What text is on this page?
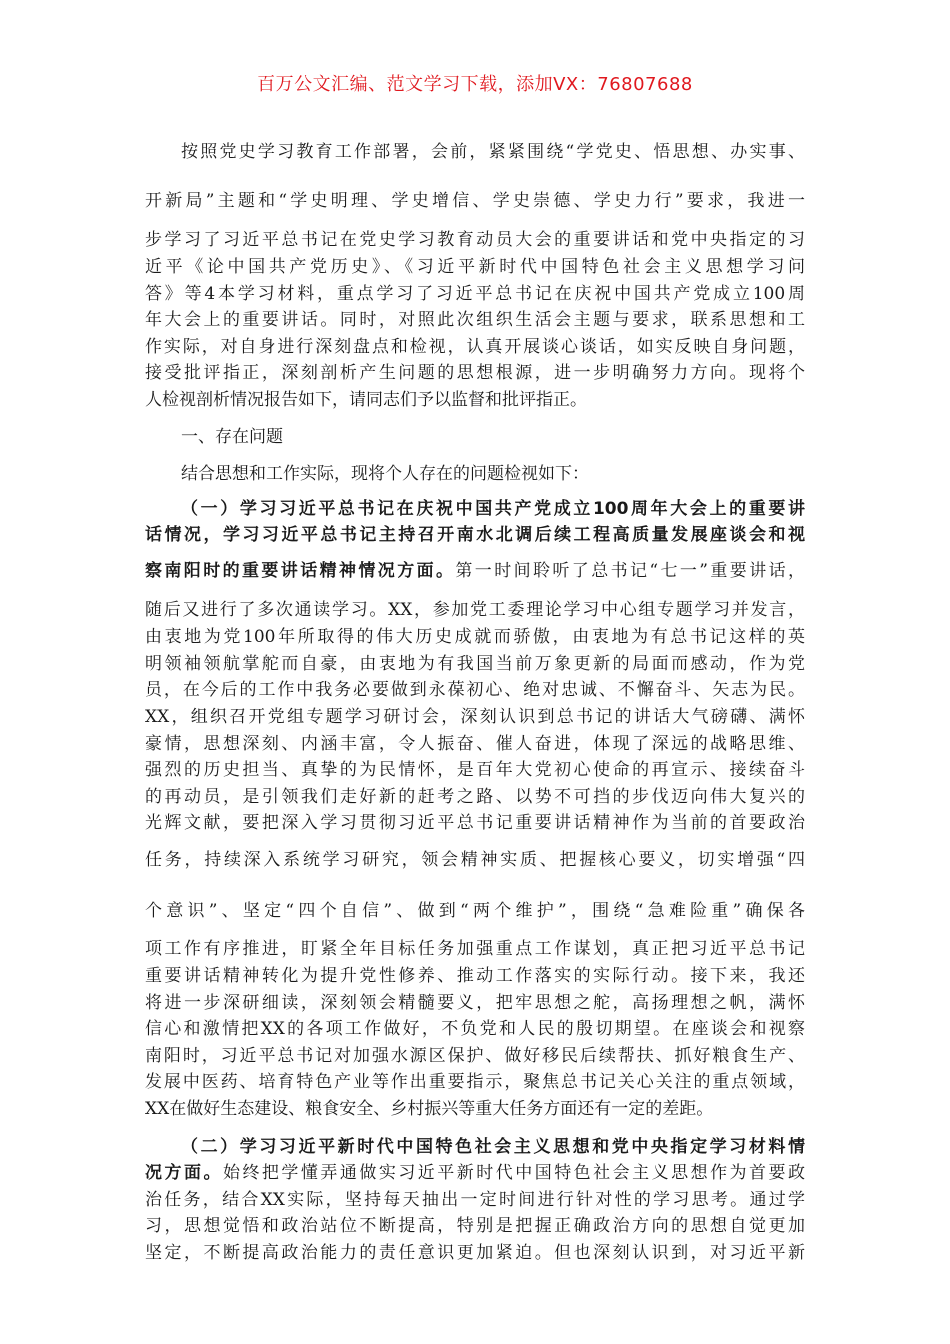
百万公文汇编、范文学习下载，添加VX：76807688
按照党史学习教育工作部署，会前，紧紧围绕“学党史、悟思想、办实事、
开新局”主题和“学史明理、学史增信、学史崇德、学史力行”要求，我进一
步学习了习近平总书记在党史学习教育动员大会的重要讲话和党中央指定的习
近平《论中国共产党历史》、《习近平新时代中国特色社会主义思想学习问
答》等4本学习材料，重点学习了习近平总书记在庆祝中国共产党成立100周
年大会上的重要讲话。同时，对照此次组织生活会主题与要求，联系思想和工
作实际，对自身进行深刻盘点和检视，认真开展谈心谈话，如实反映自身问题，
接受批评指正，深刻剖析产生问题的思想根源，进一步明确努力方向。现将个
人检视剖析情况报告如下，请同志们予以监督和批评指正。
一、存在问题
结合思想和工作实际，现将个人存在的问题检视如下：
（一）学习习近平总书记在庆祝中国共产党成立100周年大会上的重要讲
话情况，学习习近平总书记主持召开南水北调后续工程高质量发展座谈会和视
察南阳时的重要讲话精神情况方面。第一时间聆听了总书记“七一”重要讲话，
随后又进行了多次通读学习。XX，参加党工委理论学习中心组专题学习并发言，
由衷地为党100年所取得的伟大历史成就而骄傲，由衷地为有总书记这样的英
明领袖领航掌舵而自豪，由衷地为有我国当前万象更新的局面而感动，作为党
员，在今后的工作中我务必要做到永葆初心、绝对忠诚、不懈奋斗、矢志为民。
XX，组织召开党组专题学习研讨会，深刻认识到总书记的讲话大气磅礴、满怀
豪情，思想深刻、内涵丰富，令人振奋、催人奋进，体现了深远的战略思维、
强烈的历史担当、真挚的为民情怀，是百年大党初心使命的再宣示、接续奋斗
的再动员，是引领我们走好新的赶考之路、以势不可挡的步伐迈向伟大复兴的
光辉文献，要把深入学习贯彻习近平总书记重要讲话精神作为当前的首要政治
任务，持续深入系统学习研究，领会精神实质、把握核心要义，切实增强“四
个意识”、坚定“四个自信”、做到“两个维护”，围绕“急难险重”确保各
项工作有序推进，盯紧全年目标任务加强重点工作谋划，真正把习近平总书记
重要讲话精神转化为提升党性修养、推动工作落实的实际行动。接下来，我还
将进一步深研细读，深刻领会精髓要义，把牢思想之舵，高扬理想之帆，满怀
信心和激情把XX的各项工作做好，不负党和人民的殷切期望。在座谈会和视察
南阳时，习近平总书记对加强水源区保护、做好移民后续帮扶、抓好粮食生产、
发展中医药、培育特色产业等作出重要指示，聚焦总书记关心关注的重点领域，
XX在做好生态建设、粮食安全、乡村振兴等重大任务方面还有一定的差距。
（二）学习习近平新时代中国特色社会主义思想和党中央指定学习材料情
况方面。始终把学懂弄通做实习近平新时代中国特色社会主义思想作为首要政
治任务，结合XX实际，坚持每天抽出一定时间进行针对性的学习思考。通过学
习，思想觉悟和政治站位不断提高，特别是把握正确政治方向的思想自觉更加
坚定，不断提高政治能力的责任意识更加紧迫。但也深刻认识到，对习近平新
